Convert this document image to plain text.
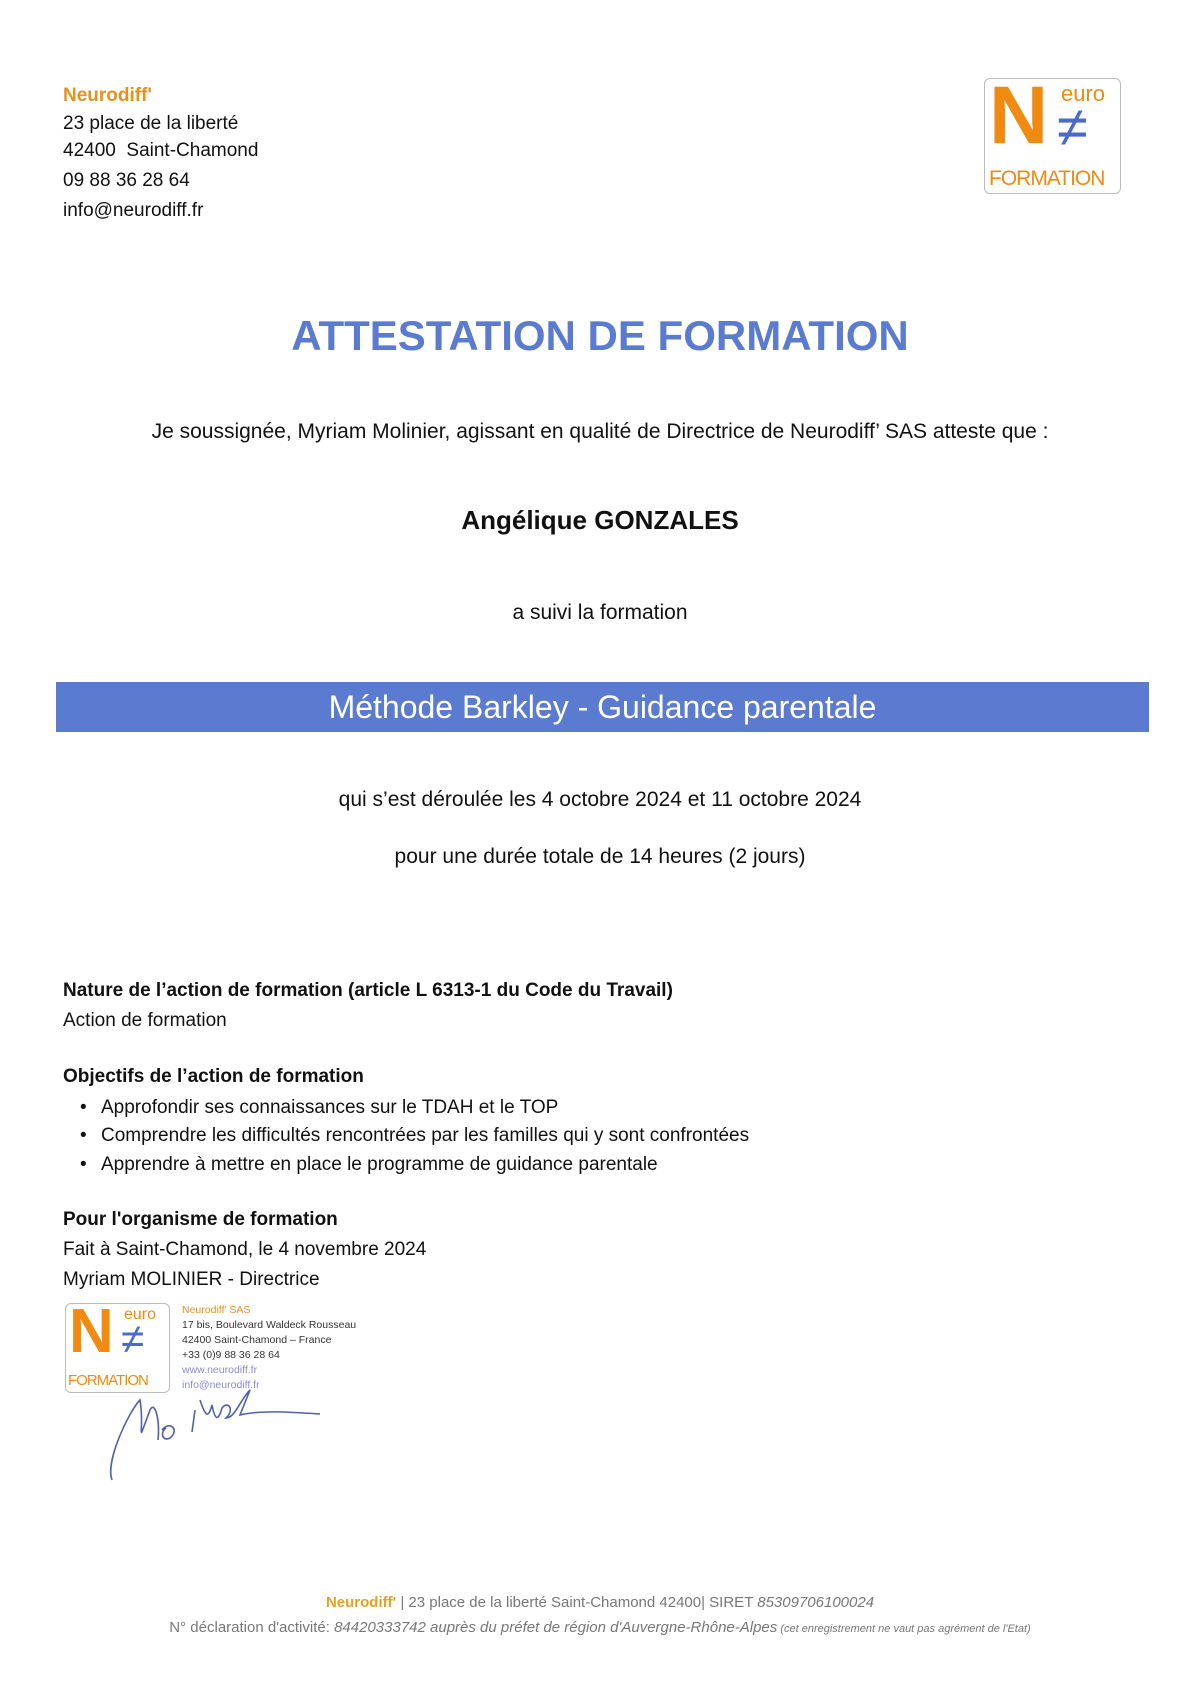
Neurodiff'
23 place de la liberté
42400  Saint-Chamond
09 88 36 28 64
info@neurodiff.fr
N euro
≠
FORMATION
ATTESTATION DE FORMATION
Je soussignée, Myriam Molinier, agissant en qualité de Directrice de Neurodiff’ SAS atteste que :
Angélique GONZALES
a suivi la formation
Méthode Barkley - Guidance parentale
qui s’est déroulée les 4 octobre 2024 et 11 octobre 2024
pour une durée totale de 14 heures (2 jours)
Nature de l’action de formation (article L 6313-1 du Code du Travail)
Action de formation
Objectifs de l’action de formation
• Approfondir ses connaissances sur le TDAH et le TOP
• Comprendre les difficultés rencontrées par les familles qui y sont confrontées
• Apprendre à mettre en place le programme de guidance parentale
Pour l'organisme de formation
Fait à Saint-Chamond, le 4 novembre 2024
Myriam MOLINIER - Directrice
N euro
≠
FORMATION
Neurodiff' SAS
17 bis, Boulevard Waldeck Rousseau
42400 Saint-Chamond – France
+33 (0)9 88 36 28 64
www.neurodiff.fr
info@neurodiff.fr
Neurodiff' | 23 place de la liberté Saint-Chamond 42400| SIRET 85309706100024
N° déclaration d'activité: 84420333742 auprès du préfet de région d'Auvergne-Rhône-Alpes (cet enregistrement ne vaut pas agrément de l'Etat)
